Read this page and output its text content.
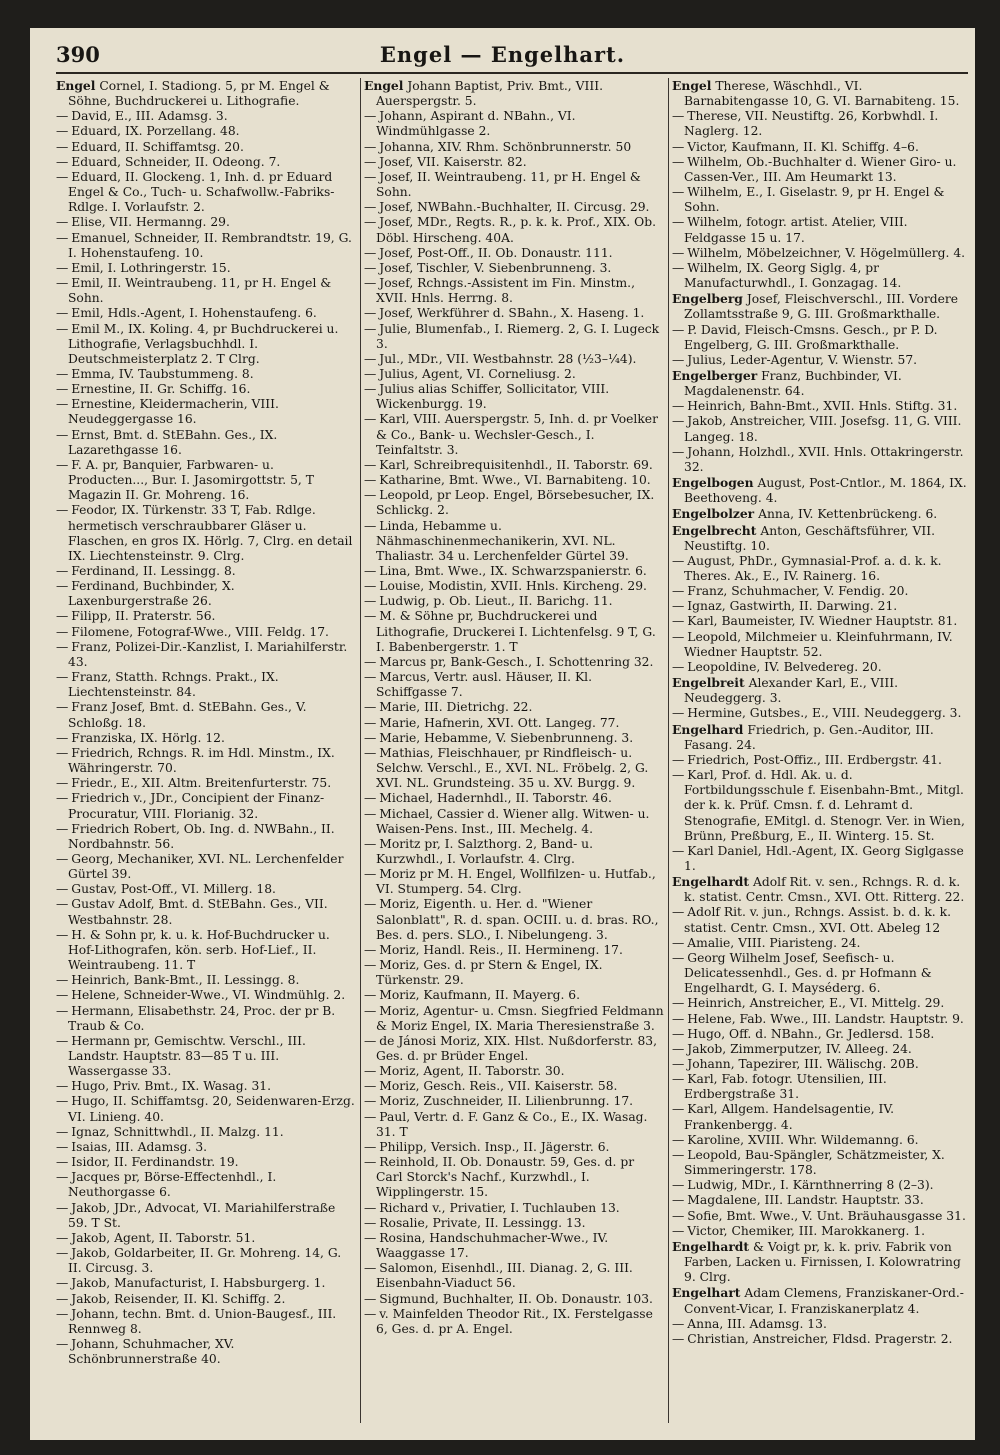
390	Engel — Engelhart.

Engel Cornel, I. Stadiong. 5, pr M. Engel & Söhne, Buchdruckerei u. Lithografie.

— David, E., III. Adamsg. 3.

— Eduard, IX. Porzellang. 48.

— Eduard, II. Schiffamtsg. 20.

— Eduard, Schneider, II. Odeong. 7.

— Eduard, II. Glockeng. 1, Inh. d. pr Eduard Engel & Co., Tuch- u. Schafwollw.-Fabriks-Rdlge. I. Vorlaufstr. 2.

— Elise, VII. Hermanng. 29.

— Emanuel, Schneider, II. Rembrandtstr. 19, G. I. Hohenstaufeng. 10.

— Emil, I. Lothringerstr. 15.

— Emil, II. Weintraubeng. 11, pr H. Engel & Sohn.

— Emil, Hdls.-Agent, I. Hohenstaufeng. 6.

— Emil M., IX. Koling. 4, pr Buchdruckerei u. Lithografie, Verlagsbuchhdl. I. Deutschmeisterplatz 2. T Clrg.

— Emma, IV. Taubstummeng. 8.

— Ernestine, II. Gr. Schiffg. 16.

— Ernestine, Kleidermacherin, VIII. Neudeggergasse 16.

— Ernst, Bmt. d. StEBahn. Ges., IX. Lazarethgasse 16.

— F. A. pr, Banquier, Farbwaren- u. Producten..., Bur. I. Jasomirgottstr. 5, T Magazin II. Gr. Mohreng. 16.

— Feodor, IX. Türkenstr. 33 T, Fab. Rdlge. hermetisch verschraubbarer Gläser u. Flaschen, en gros IX. Hörlg. 7, Clrg. en detail IX. Liechtensteinstr. 9. Clrg.

— Ferdinand, II. Lessingg. 8.

— Ferdinand, Buchbinder, X. Laxenburgerstraße 26.

— Filipp, II. Praterstr. 56.

— Filomene, Fotograf-Wwe., VIII. Feldg. 17.

— Franz, Polizei-Dir.-Kanzlist, I. Mariahilferstr. 43.

— Franz, Statth. Rchngs. Prakt., IX. Liechtensteinstr. 84.

— Franz Josef, Bmt. d. StEBahn. Ges., V. Schloßg. 18.

— Franziska, IX. Hörlg. 12.

— Friedrich, Rchngs. R. im Hdl. Minstm., IX. Währingerstr. 70.

— Friedr., E., XII. Altm. Breitenfurterstr. 75.

— Friedrich v., JDr., Concipient der Finanz-Procuratur, VIII. Florianig. 32.

— Friedrich Robert, Ob. Ing. d. NWBahn., II. Nordbahnstr. 56.

— Georg, Mechaniker, XVI. NL. Lerchenfelder Gürtel 39.

— Gustav, Post-Off., VI. Millerg. 18.

— Gustav Adolf, Bmt. d. StEBahn. Ges., VII. Westbahnstr. 28.

— H. & Sohn pr, k. u. k. Hof-Buchdrucker u. Hof-Lithografen, kön. serb. Hof-Lief., II. Weintraubeng. 11. T

— Heinrich, Bank-Bmt., II. Lessingg. 8.

— Helene, Schneider-Wwe., VI. Windmühlg. 2.

— Hermann, Elisabethstr. 24, Proc. der pr B. Traub & Co.

— Hermann pr, Gemischtw. Verschl., III. Landstr. Hauptstr. 83—85 T u. III. Wassergasse 33.

— Hugo, Priv. Bmt., IX. Wasag. 31.

— Hugo, II. Schiffamtsg. 20, Seidenwaren-Erzg. VI. Linieng. 40.

— Ignaz, Schnittwhdl., II. Malzg. 11.

— Isaias, III. Adamsg. 3.

— Isidor, II. Ferdinandstr. 19.

— Jacques pr, Börse-Effectenhdl., I. Neuthorgasse 6.

— Jakob, JDr., Advocat, VI. Mariahilferstraße 59. T St.

— Jakob, Agent, II. Taborstr. 51.

— Jakob, Goldarbeiter, II. Gr. Mohreng. 14, G. II. Circusg. 3.

— Jakob, Manufacturist, I. Habsburgerg. 1.

— Jakob, Reisender, II. Kl. Schiffg. 2.

— Johann, techn. Bmt. d. Union-Baugesf., III. Rennweg 8.

— Johann, Schuhmacher, XV. Schönbrunnerstraße 40.

Engel Johann Baptist, Priv. Bmt., VIII. Auerspergstr. 5.

— Johann, Aspirant d. NBahn., VI. Windmühlgasse 2.

— Johanna, XIV. Rhm. Schönbrunnerstr. 50

— Josef, VII. Kaiserstr. 82.

— Josef, II. Weintraubeng. 11, pr H. Engel & Sohn.

— Josef, NWBahn.-Buchhalter, II. Circusg. 29.

— Josef, MDr., Regts. R., p. k. k. Prof., XIX. Ob. Döbl. Hirscheng. 40A.

— Josef, Post-Off., II. Ob. Donaustr. 111.

— Josef, Tischler, V. Siebenbrunneng. 3.

— Josef, Rchngs.-Assistent im Fin. Minstm., XVII. Hnls. Herrng. 8.

— Josef, Werkführer d. SBahn., X. Haseng. 1.

— Julie, Blumenfab., I. Riemerg. 2, G. I. Lugeck 3.

— Jul., MDr., VII. Westbahnstr. 28 (½3–¼4).

— Julius, Agent, VI. Corneliusg. 2.

— Julius alias Schiffer, Sollicitator, VIII. Wickenburgg. 19.

— Karl, VIII. Auerspergstr. 5, Inh. d. pr Voelker & Co., Bank- u. Wechsler-Gesch., I. Teinfaltstr. 3.

— Karl, Schreibrequisitenhdl., II. Taborstr. 69.

— Katharine, Bmt. Wwe., VI. Barnabiteng. 10.

— Leopold, pr Leop. Engel, Börsebesucher, IX. Schlickg. 2.

— Linda, Hebamme u. Nähmaschinenmechanikerin, XVI. NL. Thaliastr. 34 u. Lerchenfelder Gürtel 39.

— Lina, Bmt. Wwe., IX. Schwarzspanierstr. 6.

— Louise, Modistin, XVII. Hnls. Kircheng. 29.

— Ludwig, p. Ob. Lieut., II. Barichg. 11.

— M. & Söhne pr, Buchdruckerei und Lithografie, Druckerei I. Lichtenfelsg. 9 T, G. I. Babenbergerstr. 1. T

— Marcus pr, Bank-Gesch., I. Schottenring 32.

— Marcus, Vertr. ausl. Häuser, II. Kl. Schiffgasse 7.

— Marie, III. Dietrichg. 22.

— Marie, Hafnerin, XVI. Ott. Langeg. 77.

— Marie, Hebamme, V. Siebenbrunneng. 3.

— Mathias, Fleischhauer, pr Rindfleisch- u. Selchw. Verschl., E., XVI. NL. Fröbelg. 2, G. XVI. NL. Grundsteing. 35 u. XV. Burgg. 9.

— Michael, Hadernhdl., II. Taborstr. 46.

— Michael, Cassier d. Wiener allg. Witwen- u. Waisen-Pens. Inst., III. Mechelg. 4.

— Moritz pr, I. Salzthorg. 2, Band- u. Kurzwhdl., I. Vorlaufstr. 4. Clrg.

— Moriz pr M. H. Engel, Wollfilzen- u. Hutfab., VI. Stumperg. 54. Clrg.

— Moriz, Eigenth. u. Her. d. "Wiener Salonblatt", R. d. span. OCIII. u. d. bras. RO., Bes. d. pers. SLO., I. Nibelungeng. 3.

— Moriz, Handl. Reis., II. Hermineng. 17.

— Moriz, Ges. d. pr Stern & Engel, IX. Türkenstr. 29.

— Moriz, Kaufmann, II. Mayerg. 6.

— Moriz, Agentur- u. Cmsn. Siegfried Feldmann & Moriz Engel, IX. Maria Theresienstraße 3.

— de Jánosi Moriz, XIX. Hlst. Nußdorferstr. 83, Ges. d. pr Brüder Engel.

— Moriz, Agent, II. Taborstr. 30.

— Moriz, Gesch. Reis., VII. Kaiserstr. 58.

— Moriz, Zuschneider, II. Lilienbrunng. 17.

— Paul, Vertr. d. F. Ganz & Co., E., IX. Wasag. 31. T

— Philipp, Versich. Insp., II. Jägerstr. 6.

— Reinhold, II. Ob. Donaustr. 59, Ges. d. pr Carl Storck's Nachf., Kurzwhdl., I. Wipplingerstr. 15.

— Richard v., Privatier, I. Tuchlauben 13.

— Rosalie, Private, II. Lessingg. 13.

— Rosina, Handschuhmacher-Wwe., IV. Waaggasse 17.

— Salomon, Eisenhdl., III. Dianag. 2, G. III. Eisenbahn-Viaduct 56.

— Sigmund, Buchhalter, II. Ob. Donaustr. 103.

— v. Mainfelden Theodor Rit., IX. Ferstelgasse 6, Ges. d. pr A. Engel.

Engel Therese, Wäschhdl., VI. Barnabitengasse 10, G. VI. Barnabiteng. 15.

— Therese, VII. Neustiftg. 26, Korbwhdl. I. Naglerg. 12.

— Victor, Kaufmann, II. Kl. Schiffg. 4–6.

— Wilhelm, Ob.-Buchhalter d. Wiener Giro- u. Cassen-Ver., III. Am Heumarkt 13.

— Wilhelm, E., I. Giselastr. 9, pr H. Engel & Sohn.

— Wilhelm, fotogr. artist. Atelier, VIII. Feldgasse 15 u. 17.

— Wilhelm, Möbelzeichner, V. Högelmüllerg. 4.

— Wilhelm, IX. Georg Siglg. 4, pr Manufacturwhdl., I. Gonzagag. 14.

Engelberg Josef, Fleischverschl., III. Vordere Zollamtsstraße 9, G. III. Großmarkthalle.

— P. David, Fleisch-Cmsns. Gesch., pr P. D. Engelberg, G. III. Großmarkthalle.

— Julius, Leder-Agentur, V. Wienstr. 57.

Engelberger Franz, Buchbinder, VI. Magdalenenstr. 64.

— Heinrich, Bahn-Bmt., XVII. Hnls. Stiftg. 31.

— Jakob, Anstreicher, VIII. Josefsg. 11, G. VIII. Langeg. 18.

— Johann, Holzhdl., XVII. Hnls. Ottakringerstr. 32.

Engelbogen August, Post-Cntlor., M. 1864, IX. Beethoveng. 4.

Engelbolzer Anna, IV. Kettenbrückeng. 6.

Engelbrecht Anton, Geschäftsführer, VII. Neustiftg. 10.

— August, PhDr., Gymnasial-Prof. a. d. k. k. Theres. Ak., E., IV. Rainerg. 16.

— Franz, Schuhmacher, V. Fendig. 20.

— Ignaz, Gastwirth, II. Darwing. 21.

— Karl, Baumeister, IV. Wiedner Hauptstr. 81.

— Leopold, Milchmeier u. Kleinfuhrmann, IV. Wiedner Hauptstr. 52.

— Leopoldine, IV. Belvedereg. 20.

Engelbreit Alexander Karl, E., VIII. Neudeggerg. 3.

— Hermine, Gutsbes., E., VIII. Neudeggerg. 3.

Engelhard Friedrich, p. Gen.-Auditor, III. Fasang. 24.

— Friedrich, Post-Offiz., III. Erdbergstr. 41.

— Karl, Prof. d. Hdl. Ak. u. d. Fortbildungsschule f. Eisenbahn-Bmt., Mitgl. der k. k. Prüf. Cmsn. f. d. Lehramt d. Stenografie, EMitgl. d. Stenogr. Ver. in Wien, Brünn, Preßburg, E., II. Winterg. 15. St.

— Karl Daniel, Hdl.-Agent, IX. Georg Siglgasse 1.

Engelhardt Adolf Rit. v. sen., Rchngs. R. d. k. k. statist. Centr. Cmsn., XVI. Ott. Ritterg. 22.

— Adolf Rit. v. jun., Rchngs. Assist. b. d. k. k. statist. Centr. Cmsn., XVI. Ott. Abeleg 12

— Amalie, VIII. Piaristeng. 24.

— Georg Wilhelm Josef, Seefisch- u. Delicatessenhdl., Ges. d. pr Hofmann & Engelhardt, G. I. Mayséderg. 6.

— Heinrich, Anstreicher, E., VI. Mittelg. 29.

— Helene, Fab. Wwe., III. Landstr. Hauptstr. 9.

— Hugo, Off. d. NBahn., Gr. Jedlersd. 158.

— Jakob, Zimmerputzer, IV. Alleeg. 24.

— Johann, Tapezirer, III. Wälischg. 20B.

— Karl, Fab. fotogr. Utensilien, III. Erdbergstraße 31.

— Karl, Allgem. Handelsagentie, IV. Frankenbergg. 4.

— Karoline, XVIII. Whr. Wildemanng. 6.

— Leopold, Bau-Spängler, Schätzmeister, X. Simmeringerstr. 178.

— Ludwig, MDr., I. Kärnthnerring 8 (2–3).

— Magdalene, III. Landstr. Hauptstr. 33.

— Sofie, Bmt. Wwe., V. Unt. Bräuhausgasse 31.

— Victor, Chemiker, III. Marokkanerg. 1.

Engelhardt & Voigt pr, k. k. priv. Fabrik von Farben, Lacken u. Firnissen, I. Kolowratring 9. Clrg.

Engelhart Adam Clemens, Franziskaner-Ord.-Convent-Vicar, I. Franziskanerplatz 4.

— Anna, III. Adamsg. 13.

— Christian, Anstreicher, Fldsd. Pragerstr. 2.
